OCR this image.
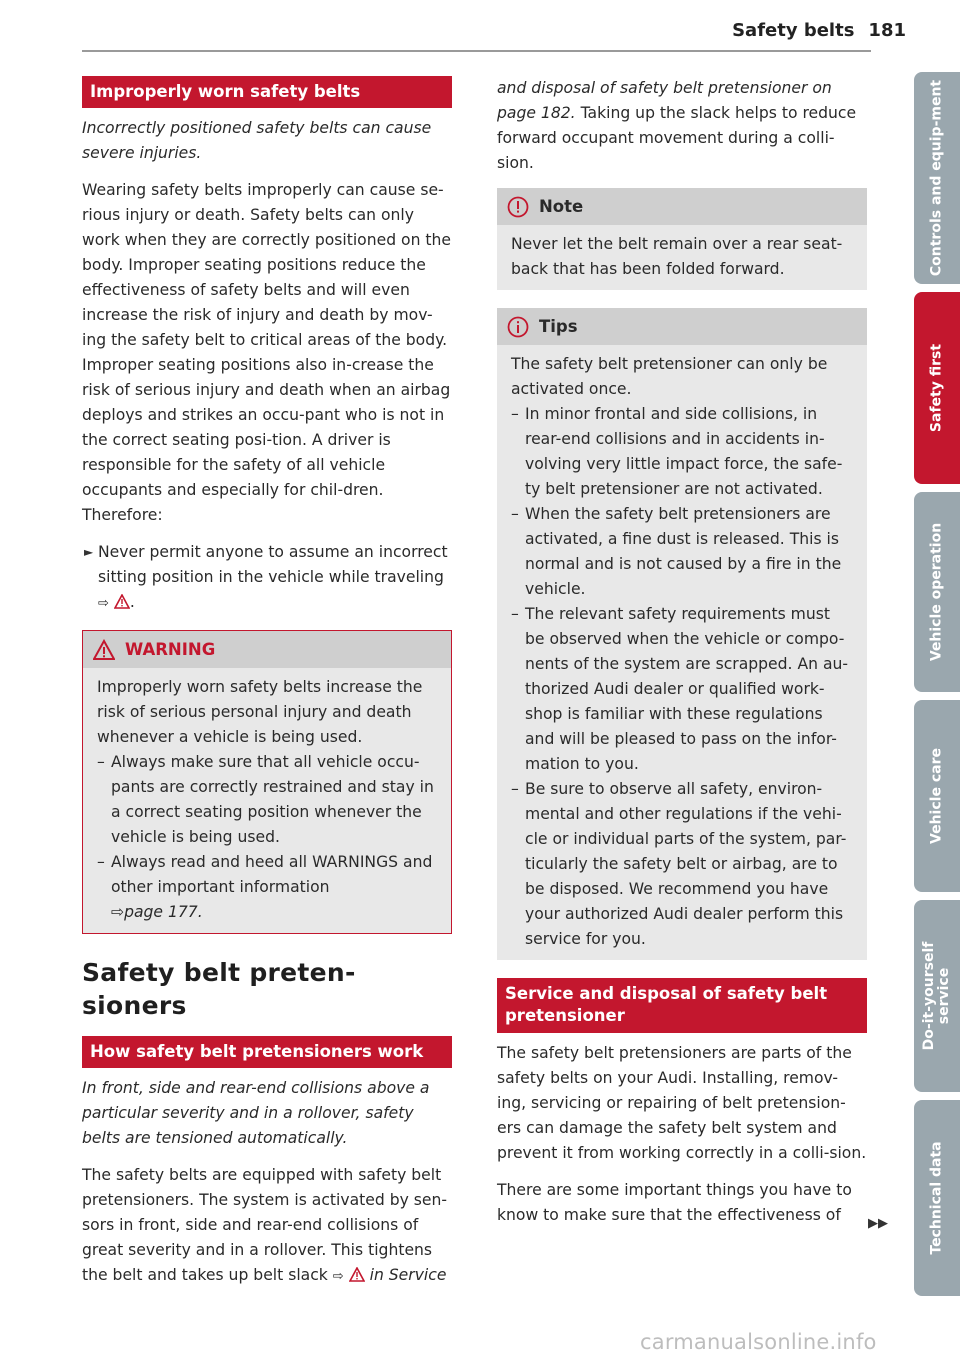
Safety belts 181
Improperly worn safety belts

Incorrectly positioned safety belts can cause severe injuries.

Wearing safety belts improperly can cause se-rious injury or death. Safety belts can only work when they are correctly positioned on the body. Improper seating positions reduce the effectiveness of safety belts and will even increase the risk of injury and death by mov-ing the safety belt to critical areas of the body. Improper seating positions also in-crease the risk of serious injury and death when an airbag deploys and strikes an occu-pant who is not in the correct seating posi-tion. A driver is responsible for the safety of all vehicle occupants and especially for chil-dren. Therefore:

► Never permit anyone to assume an incorrect sitting position in the vehicle while traveling
⇨ .
WARNING

Improperly worn safety belts increase the risk of serious personal injury and death whenever a vehicle is being used.

– Always make sure that all vehicle occu-pants are correctly restrained and stay in a correct seating position whenever the vehicle is being used.
– Always read and heed all WARNINGS and other important information
⇨page 177.
Safety belt preten-sioners
How safety belt pretensioners work

In front, side and rear-end collisions above a particular severity and in a rollover, safety belts are tensioned automatically.

The safety belts are equipped with safety belt pretensioners. The system is activated by sen-sors in front, side and rear-end collisions of great severity and in a rollover. This tightens the belt and takes up belt slack ⇨  in Service

and disposal of safety belt pretensioner on page 182. Taking up the slack helps to reduce forward occupant movement during a colli-sion.

Note

Never let the belt remain over a rear seat-back that has been folded forward.

Tips

The safety belt pretensioner can only be activated once.

– In minor frontal and side collisions, in rear-end collisions and in accidents in-volving very little impact force, the safe-ty belt pretensioner are not activated.
– When the safety belt pretensioners are activated, a fine dust is released. This is normal and is not caused by a fire in the vehicle.
– The relevant safety requirements must be observed when the vehicle or compo-nents of the system are scrapped. An au-thorized Audi dealer or qualified work-shop is familiar with these regulations and will be pleased to pass on the infor-mation to you.
– Be sure to observe all safety, environ-mental and other regulations if the vehi-cle or individual parts of the system, par-ticularly the safety belt or airbag, are to be disposed. We recommend you have your authorized Audi dealer perform this service for you.
Service and disposal of safety belt pretensioner

The safety belt pretensioners are parts of the safety belts on your Audi. Installing, remov-ing, servicing or repairing of belt pretension-ers can damage the safety belt system and prevent it from working correctly in a colli-sion.

There are some important things you have to know to make sure that the effectiveness of	▶▶
Controls and equip-ment
Safety first
Vehicle operation
Vehicle care
Do-it-yourself service
Technical data
carmanualsonline.info
